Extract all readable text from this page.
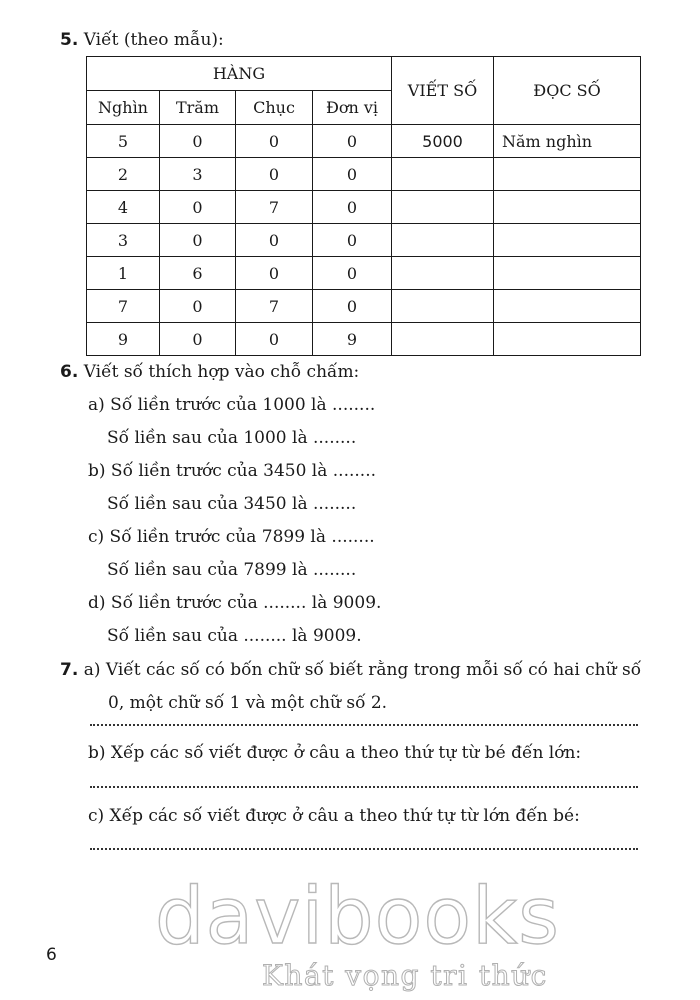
5. Viết (theo mẫu):
HÀNG				VIẾT SỐ	ĐỌC SỐ
Nghìn	Trăm	Chục	Đơn vị		
5	0	0	0	5000	Năm nghìn
2	3	0	0		
4	0	7	0		
3	0	0	0		
1	6	0	0		
7	0	7	0		
9	0	0	9		
6. Viết số thích hợp vào chỗ chấm:
a) Số liền trước của 1000 là ........
Số liền sau của 1000 là ........
b) Số liền trước của 3450 là ........
Số liền sau của 3450 là ........
c) Số liền trước của 7899 là ........
Số liền sau của 7899 là ........
d) Số liền trước của ........ là 9009.
Số liền sau của ........ là 9009.
7. a) Viết các số có bốn chữ số biết rằng trong mỗi số có hai chữ số
0, một chữ số 1 và một chữ số 2.
b) Xếp các số viết được ở câu a theo thứ tự từ bé đến lớn:
c) Xếp các số viết được ở câu a theo thứ tự từ lớn đến bé:
6 davibooks
Khát vọng tri thức
